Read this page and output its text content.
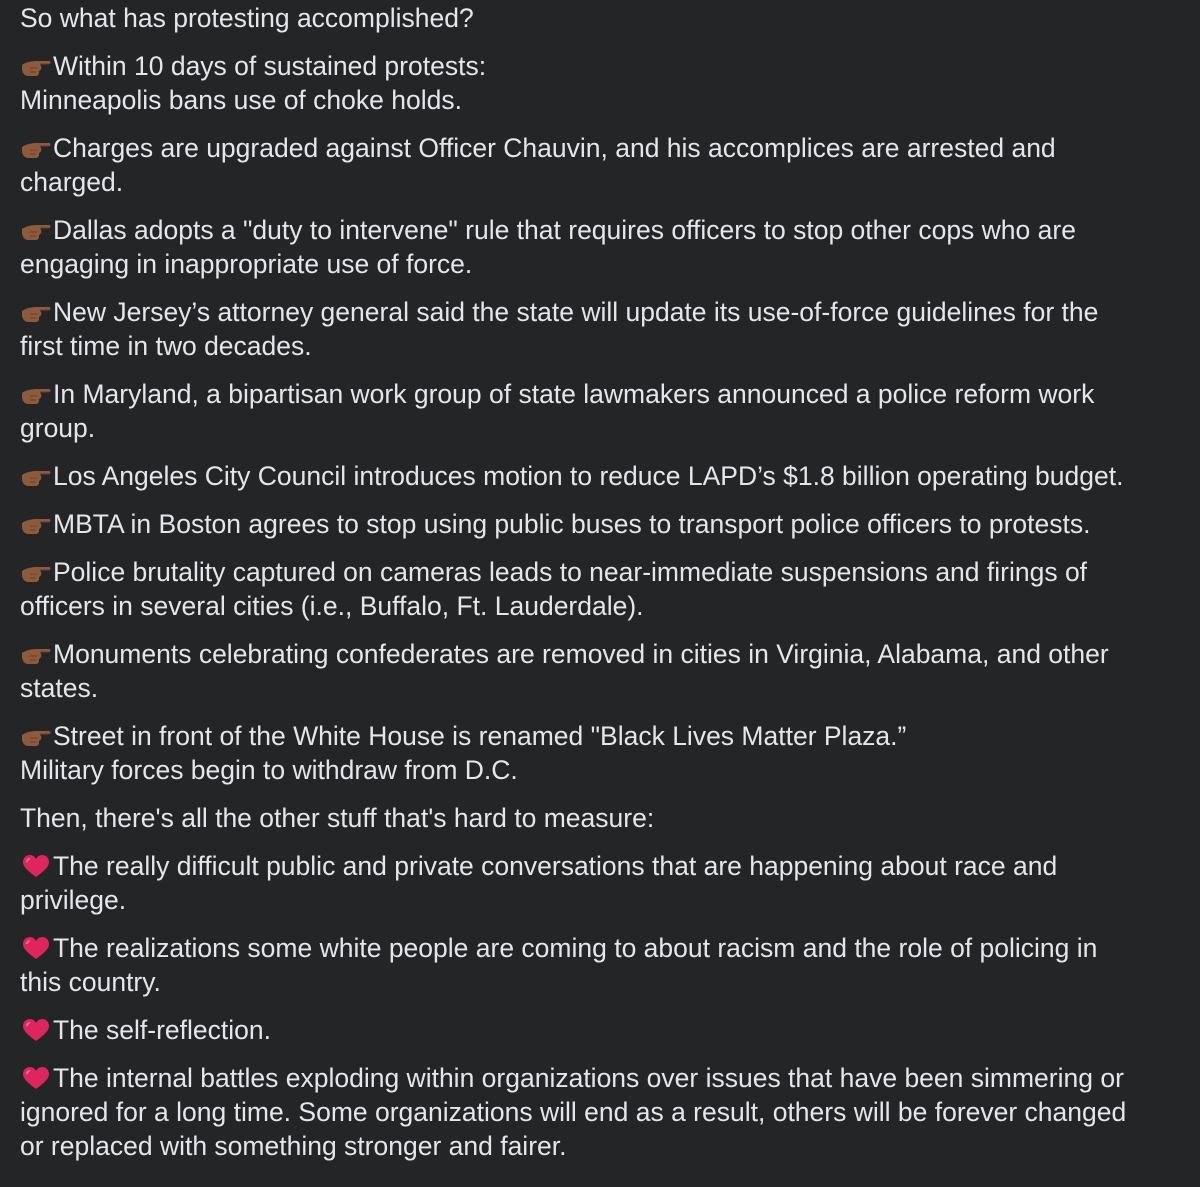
So what has protesting accomplished?

Within 10 days of sustained protests:
Minneapolis bans use of choke holds.

Charges are upgraded against Officer Chauvin, and his accomplices are arrested and
charged.

Dallas adopts a "duty to intervene" rule that requires officers to stop other cops who are
engaging in inappropriate use of force.

New Jersey’s attorney general said the state will update its use-of-force guidelines for the
first time in two decades.

In Maryland, a bipartisan work group of state lawmakers announced a police reform work
group.

Los Angeles City Council introduces motion to reduce LAPD’s $1.8 billion operating budget.

MBTA in Boston agrees to stop using public buses to transport police officers to protests.

Police brutality captured on cameras leads to near-immediate suspensions and firings of
officers in several cities (i.e., Buffalo, Ft. Lauderdale).

Monuments celebrating confederates are removed in cities in Virginia, Alabama, and other
states.

Street in front of the White House is renamed "Black Lives Matter Plaza.”
Military forces begin to withdraw from D.C.

Then, there's all the other stuff that's hard to measure:

The really difficult public and private conversations that are happening about race and
privilege.

The realizations some white people are coming to about racism and the role of policing in
this country.

The self-reflection.

The internal battles exploding within organizations over issues that have been simmering or
ignored for a long time. Some organizations will end as a result, others will be forever changed
or replaced with something stronger and fairer.
